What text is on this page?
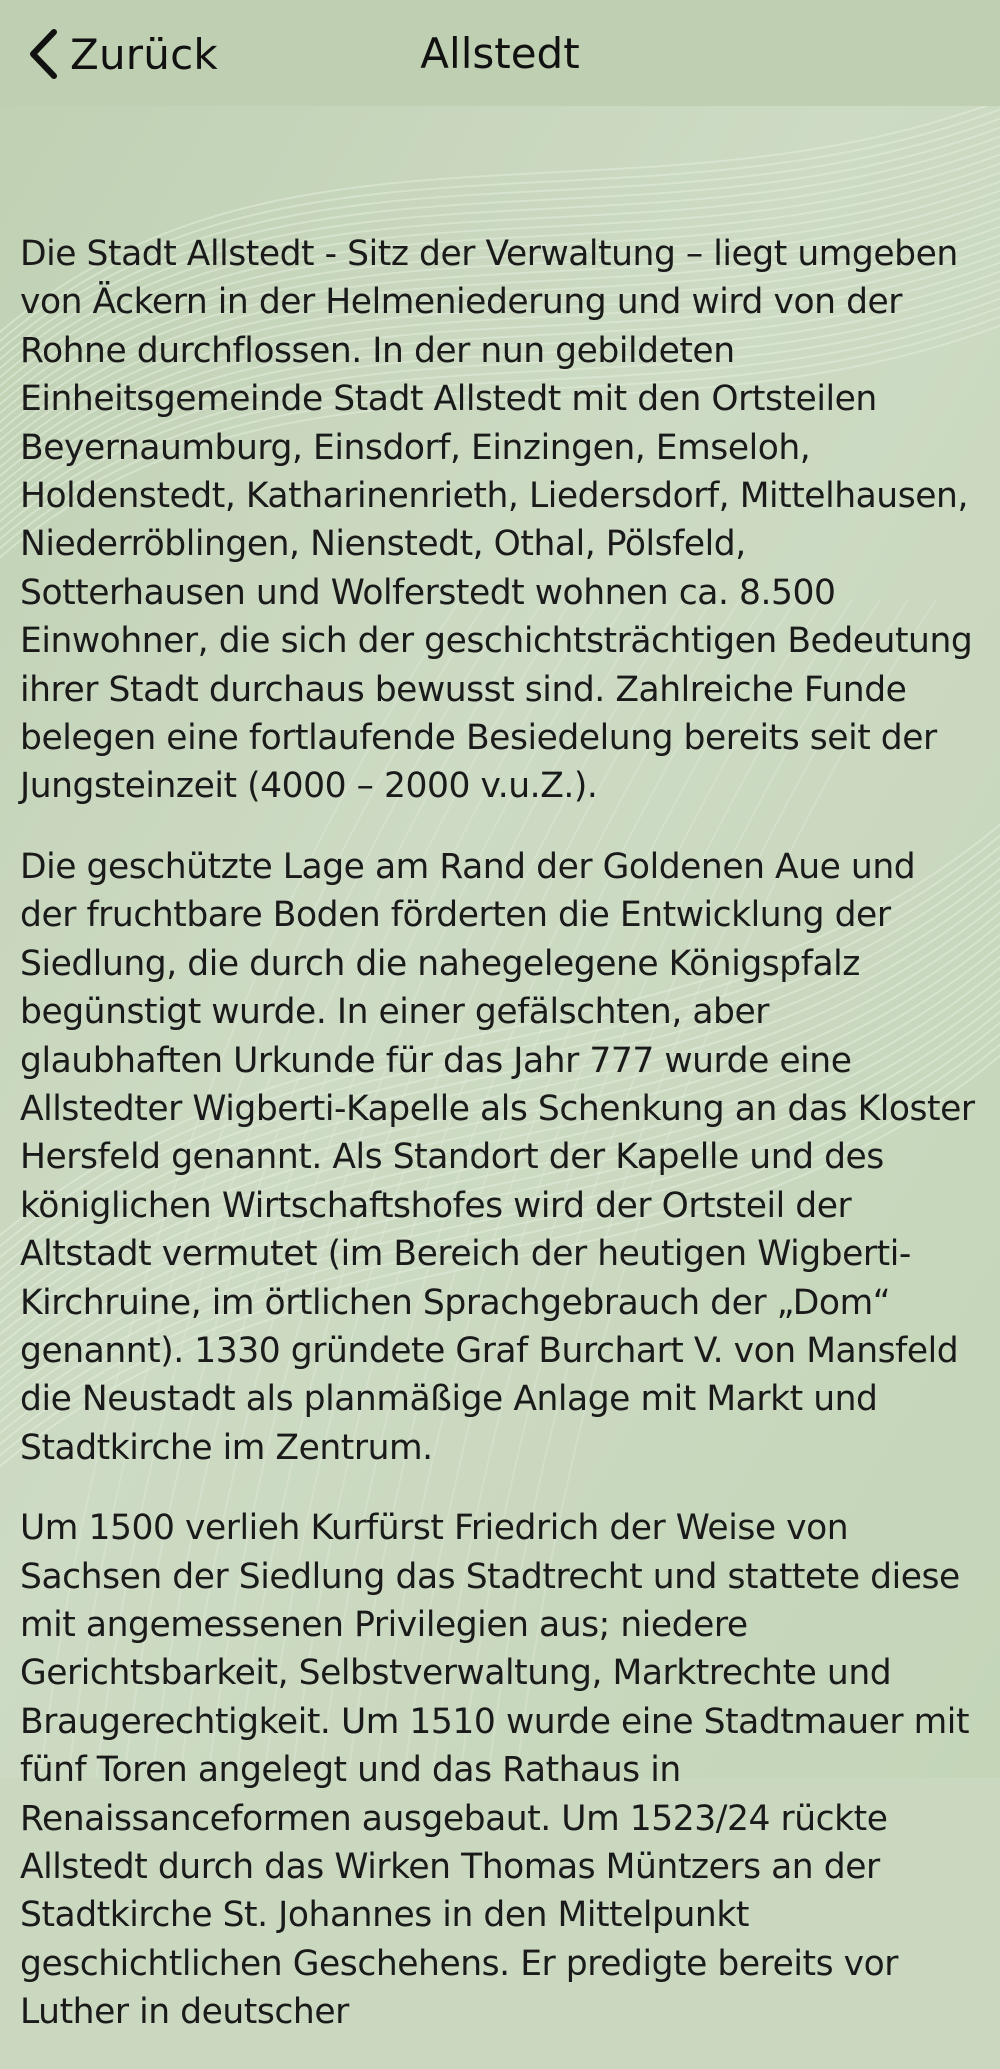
Zurück	Allstedt

Die Stadt Allstedt - Sitz der Verwaltung – liegt umgeben von Äckern in der Helmeniederung und wird von der Rohne durchflossen. In der nun gebildeten Einheitsgemeinde Stadt Allstedt mit den Ortsteilen Beyernaumburg, Einsdorf, Einzingen, Emseloh, Holdenstedt, Katharinenrieth, Liedersdorf, Mittelhausen, Niederröblingen, Nienstedt, Othal, Pölsfeld, Sotterhausen und Wolferstedt wohnen ca. 8.500 Einwohner, die sich der geschichtsträchtigen Bedeutung ihrer Stadt durchaus bewusst sind. Zahlreiche Funde belegen eine fortlaufende Besiedelung bereits seit der Jungsteinzeit (4000 – 2000 v.u.Z.).

Die geschützte Lage am Rand der Goldenen Aue und der fruchtbare Boden förderten die Entwicklung der Siedlung, die durch die nahegelegene Königspfalz begünstigt wurde. In einer gefälschten, aber glaubhaften Urkunde für das Jahr 777 wurde eine Allstedter Wigberti-Kapelle als Schenkung an das Kloster Hersfeld genannt. Als Standort der Kapelle und des königlichen Wirtschaftshofes wird der Ortsteil der Altstadt vermutet (im Bereich der heutigen Wigberti-Kirchruine, im örtlichen Sprachgebrauch der „Dom“ genannt). 1330 gründete Graf Burchart V. von Mansfeld die Neustadt als planmäßige Anlage mit Markt und Stadtkirche im Zentrum.

Um 1500 verlieh Kurfürst Friedrich der Weise von Sachsen der Siedlung das Stadtrecht und stattete diese mit angemessenen Privilegien aus; niedere Gerichtsbarkeit, Selbstverwaltung, Marktrechte und Braugerechtigkeit. Um 1510 wurde eine Stadtmauer mit fünf Toren angelegt und das Rathaus in Renaissanceformen ausgebaut. Um 1523/24 rückte Allstedt durch das Wirken Thomas Müntzers an der Stadtkirche St. Johannes in den Mittelpunkt geschichtlichen Geschehens. Er predigte bereits vor Luther in deutscher
